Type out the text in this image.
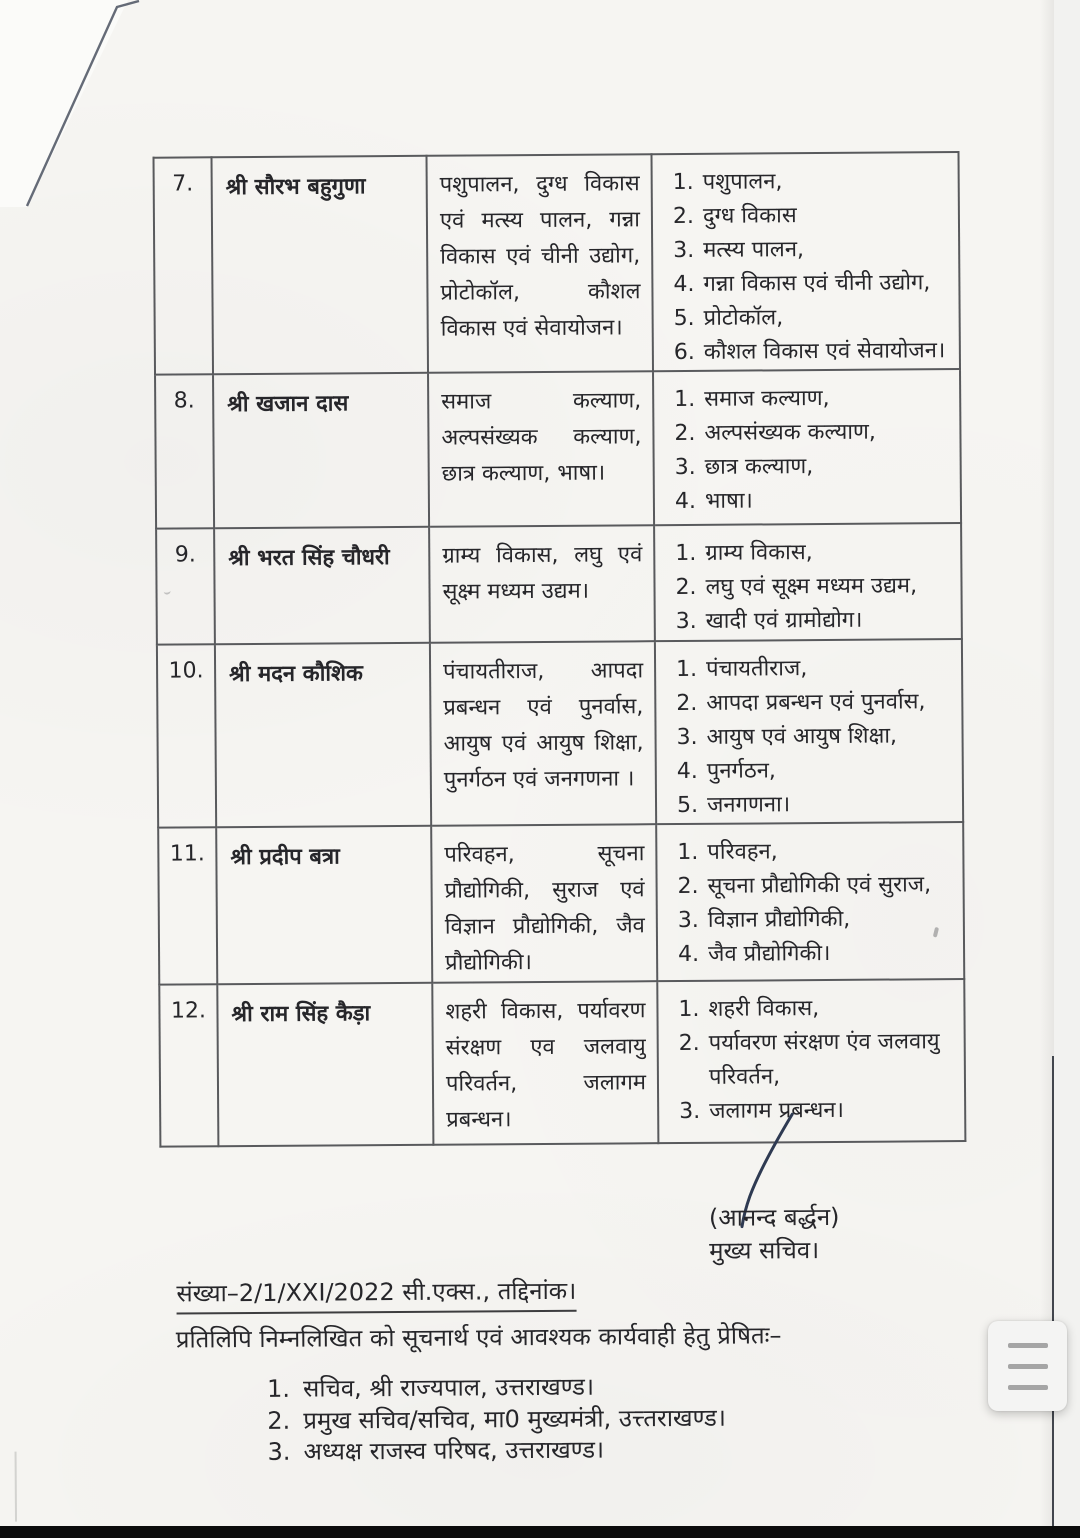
7.	श्री सौरभ बहुगुणा	पशुपालन, दुग्ध विकास एवं मत्स्य पालन, गन्ना विकास एवं चीनी उद्योग, प्रोटोकॉल, कौशल विकास एवं सेवायोजन।	
1. पशुपालन,
2. दुग्ध विकास
3. मत्स्य पालन,
4. गन्ना विकास एवं चीनी उद्योग,
5. प्रोटोकॉल,
6. कौशल विकास एवं सेवायोजन।

8.	श्री खजान दास	समाज कल्याण, अल्पसंख्यक कल्याण, छात्र कल्याण, भाषा।	
1. समाज कल्याण,
2. अल्पसंख्यक कल्याण,
3. छात्र कल्याण,
4. भाषा।

9.	श्री भरत सिंह चौधरी	ग्राम्य विकास, लघु एवं सूक्ष्म मध्यम उद्यम।	
1. ग्राम्य विकास,
2. लघु एवं सूक्ष्म मध्यम उद्यम,
3. खादी एवं ग्रामोद्योग।

10.	श्री मदन कौशिक	पंचायतीराज, आपदा प्रबन्धन एवं पुनर्वास, आयुष एवं आयुष शिक्षा, पुनर्गठन एवं जनगणना ।	
1. पंचायतीराज,
2. आपदा प्रबन्धन एवं पुनर्वास,
3. आयुष एवं आयुष शिक्षा,
4. पुनर्गठन,
5. जनगणना।

11.	श्री प्रदीप बत्रा	परिवहन, सूचना प्रौद्योगिकी, सुराज एवं विज्ञान प्रौद्योगिकी, जैव प्रौद्योगिकी।	
1. परिवहन,
2. सूचना प्रौद्योगिकी एवं सुराज,
3. विज्ञान प्रौद्योगिकी,
4. जैव प्रौद्योगिकी।

12.	श्री राम सिंह कैड़ा	शहरी विकास, पर्यावरण संरक्षण एव जलवायु परिवर्तन, जलागम प्रबन्धन।	
1. शहरी विकास,
2. पर्यावरण संरक्षण एंव जलवायु परिवर्तन,
3. जलागम प्रबन्धन।
(आनन्द बर्द्धन)
मुख्य सचिव।
संख्या–2/1/XXI/2022 सी.एक्स., तद्दिनांक।
प्रतिलिपि निम्नलिखित को सूचनार्थ एवं आवश्यक कार्यवाही हेतु प्रेषितः–
1. सचिव, श्री राज्यपाल, उत्तराखण्ड।
2. प्रमुख सचिव/सचिव, मा0 मुख्यमंत्री, उत्त्तराखण्ड।
3. अध्यक्ष राजस्व परिषद, उत्तराखण्ड।
